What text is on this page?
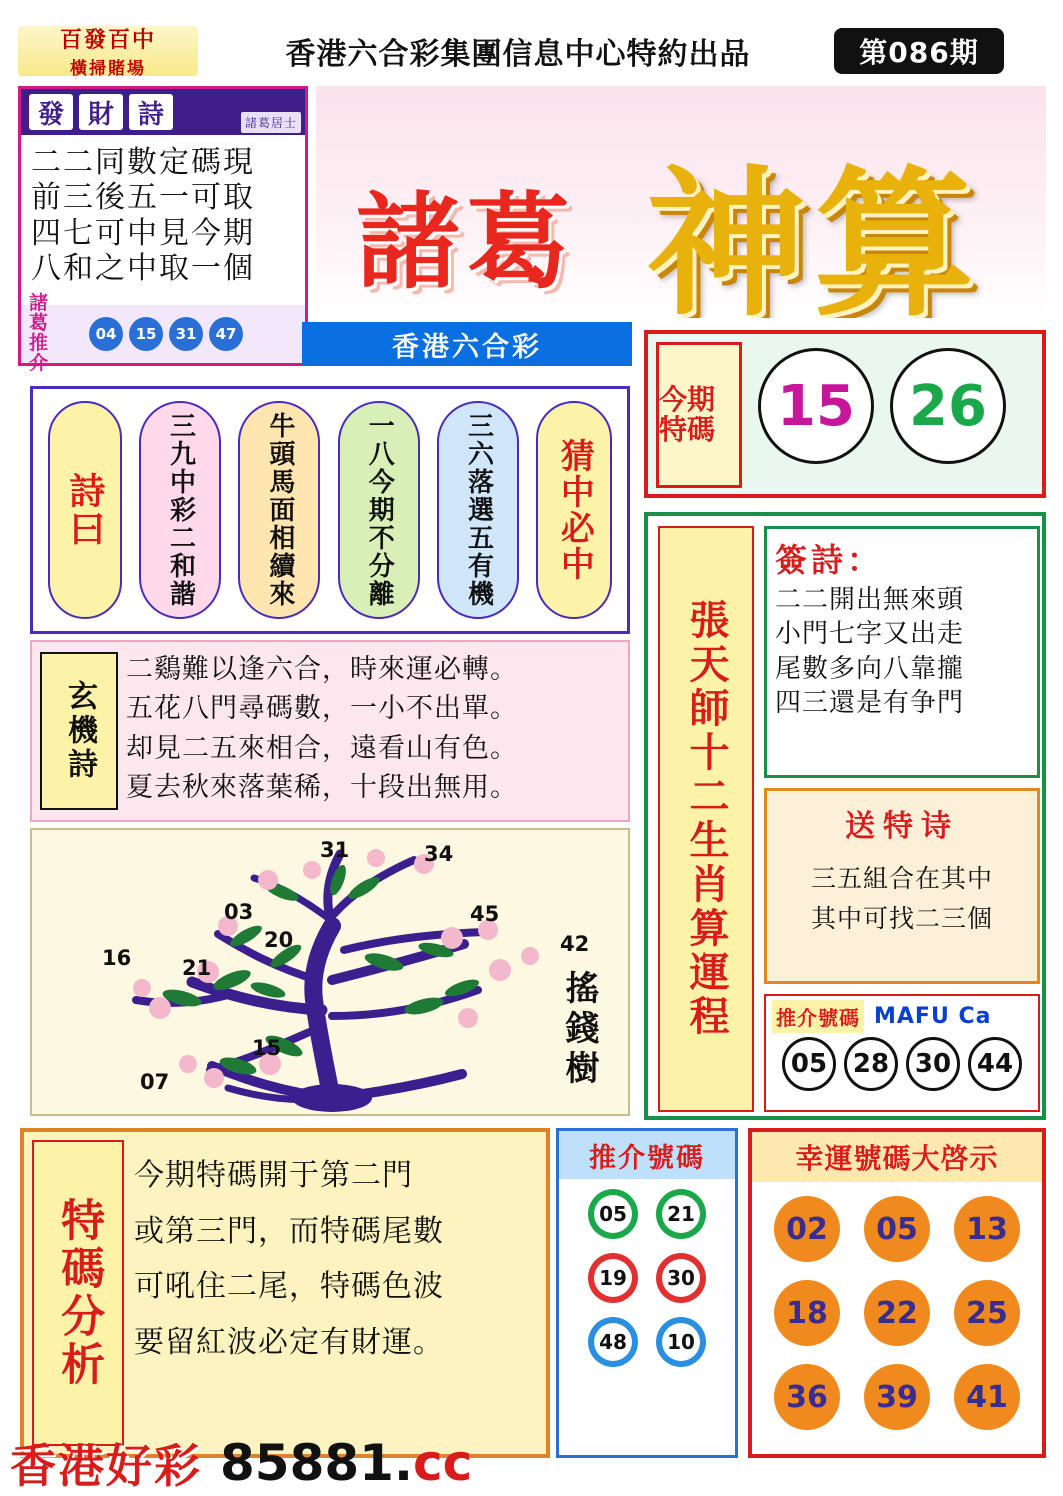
百發百中
橫掃賭場	香港六合彩集團信息中心特約出品	第086期
發 財 詩	諸葛居士
二二同數定碼現
前三後五一可取
四七可中見今期
八和之中取一個
諸　葛
推　介
04	15	31	47
諸葛 神算
香港六合彩
今期特碼	15 26
詩曰	三九中彩二和諧	牛頭馬面相續來	一八今期不分離	三六落選五有機	猜中必中
玄機詩
二鷄難以逢六合，時來運必轉。
五花八門尋碼數，一小不出單。
却見二五來相合，遠看山有色。
夏去秋來落葉稀，十段出無用。
31	34
03	45
20	42
16 21
15
07	搖錢樹	張天師十二生肖算運程
簽詩：
二二開出無來頭
小門七字又出走
尾數多向八靠攏
四三還是有争門
送特诗
三五組合在其中
其中可找二三個
推介號碼 MAFU Ca
05 28 30 44
特碼分析
今期特碼開于第二門
或第三門，而特碼尾數
可吼住二尾，特碼色波
要留紅波必定有財運。
推介號碼
05 21
19 30
48 10
幸運號碼大啓示
02	05	13
18	22	25
36	39	41
香港好彩 85881.cc
